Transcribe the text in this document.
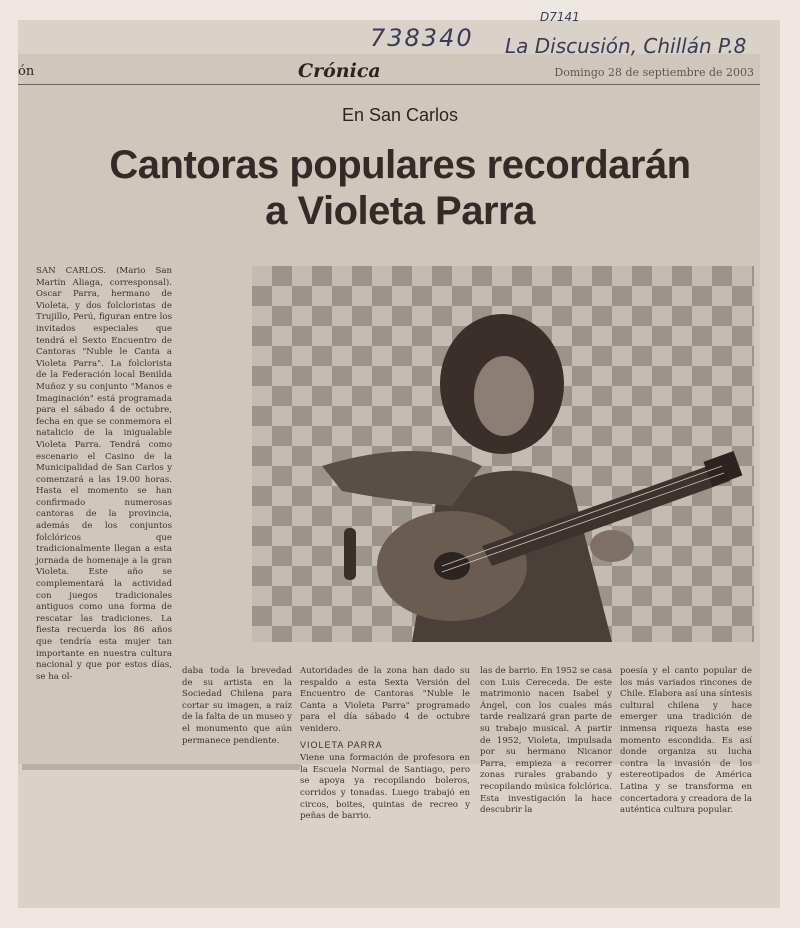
D7141
738340 La Discusión, Chillán P.8
ón	Crónica	Domingo 28 de septiembre de 2003
En San Carlos
Cantoras populares recordarán
a Violeta Parra

SAN CARLOS. (Mario San Martín Aliaga, corresponsal). Oscar Parra, hermano de Violeta, y dos folcloristas de Trujillo, Perú, figuran entre los invitados especiales que tendrá el Sexto Encuentro de Cantoras "Nuble le Canta a Violeta Parra". La folclorista de la Federación local Benilda Muñoz y su conjunto "Manos e Imaginación" está programada para el sábado 4 de octubre, fecha en que se conmemora el natalicio de la inigualable Violeta Parra. Tendrá como escenario el Casino de la Municipalidad de San Carlos y comenzará a las 19.00 horas. Hasta el momento se han confirmado numerosas cantoras de la provincia, además de los conjuntos folclóricos que tradicionalmente llegan a esta jornada de homenaje a la gran Violeta. Este año se complementará la actividad con juegos tradicionales antiguos como una forma de rescatar las tradiciones. La fiesta recuerda los 86 años que tendría esta mujer tan importante en nuestra cultura nacional y que por estos días, se ha ol-

daba toda la brevedad de su artista en la Sociedad Chilena para cortar su imagen, a raíz de la falta de un museo y el monumento que aún permanece pendiente.

Autoridades de la zona han dado su respaldo a esta Sexta Versión del Encuentro de Cantoras "Nuble le Canta a Violeta Parra" programado para el día sábado 4 de octubre venidero.

VIOLETA PARRA

Viene una formación de profesora en la Escuela Normal de Santiago, pero se apoya ya recopilando boleros, corridos y tonadas. Luego trabajó en circos, boites, quintas de recreo y peñas de barrio.

las de barrio. En 1952 se casa con Luis Cereceda. De este matrimonio nacen Isabel y Ángel, con los cuales más tarde realizará gran parte de su trabajo musical. A partir de 1952, Violeta, impulsada por su hermano Nicanor Parra, empieza a recorrer zonas rurales grabando y recopilando música folclórica. Esta investigación la hace descubrir la

poesía y el canto popular de los más variados rincones de Chile. Elabora así una síntesis cultural chilena y hace emerger una tradición de inmensa riqueza hasta ese momento escondida. Es así donde organiza su lucha contra la invasión de los estereotipados de América Latina y se transforma en concertadora y creadora de la auténtica cultura popular.
